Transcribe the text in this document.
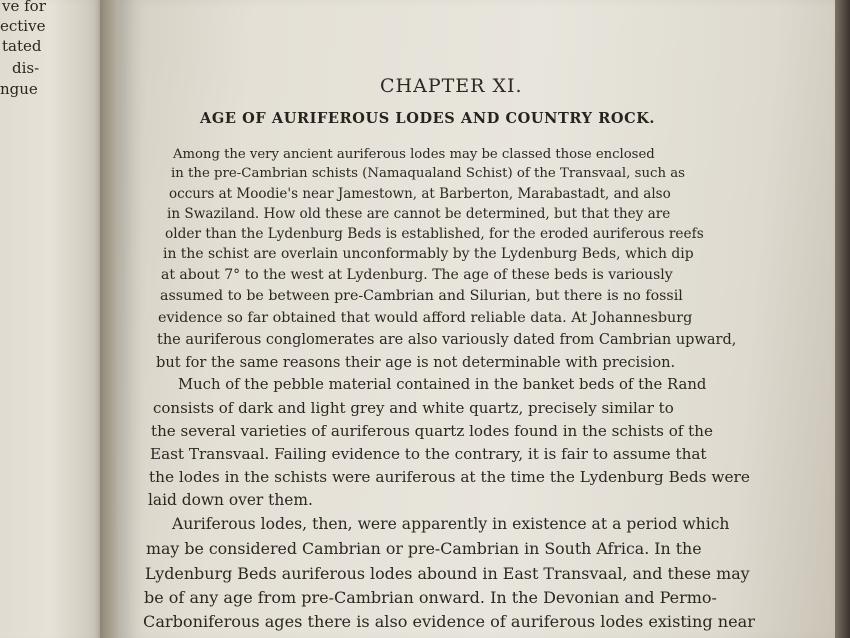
ve for
ective
tated
dis-
ngue	CHAPTER XI.
AGE OF AURIFEROUS LODES AND COUNTRY ROCK.
Among the very ancient auriferous lodes may be classed those enclosed
in the pre-Cambrian schists (Namaqualand Schist) of the Transvaal, such as
occurs at Moodie's near Jamestown, at Barberton, Marabastadt, and also
in Swaziland. How old these are cannot be determined, but that they are
older than the Lydenburg Beds is established, for the eroded auriferous reefs
in the schist are overlain unconformably by the Lydenburg Beds, which dip
at about 7° to the west at Lydenburg. The age of these beds is variously
assumed to be between pre-Cambrian and Silurian, but there is no fossil
evidence so far obtained that would afford reliable data. At Johannesburg
the auriferous conglomerates are also variously dated from Cambrian upward,
but for the same reasons their age is not determinable with precision.
Much of the pebble material contained in the banket beds of the Rand
consists of dark and light grey and white quartz, precisely similar to
the several varieties of auriferous quartz lodes found in the schists of the
East Transvaal. Failing evidence to the contrary, it is fair to assume that
the lodes in the schists were auriferous at the time the Lydenburg Beds were
laid down over them.
Auriferous lodes, then, were apparently in existence at a period which
may be considered Cambrian or pre-Cambrian in South Africa. In the
Lydenburg Beds auriferous lodes abound in East Transvaal, and these may
be of any age from pre-Cambrian onward. In the Devonian and Permo-
Carboniferous ages there is also evidence of auriferous lodes existing near
